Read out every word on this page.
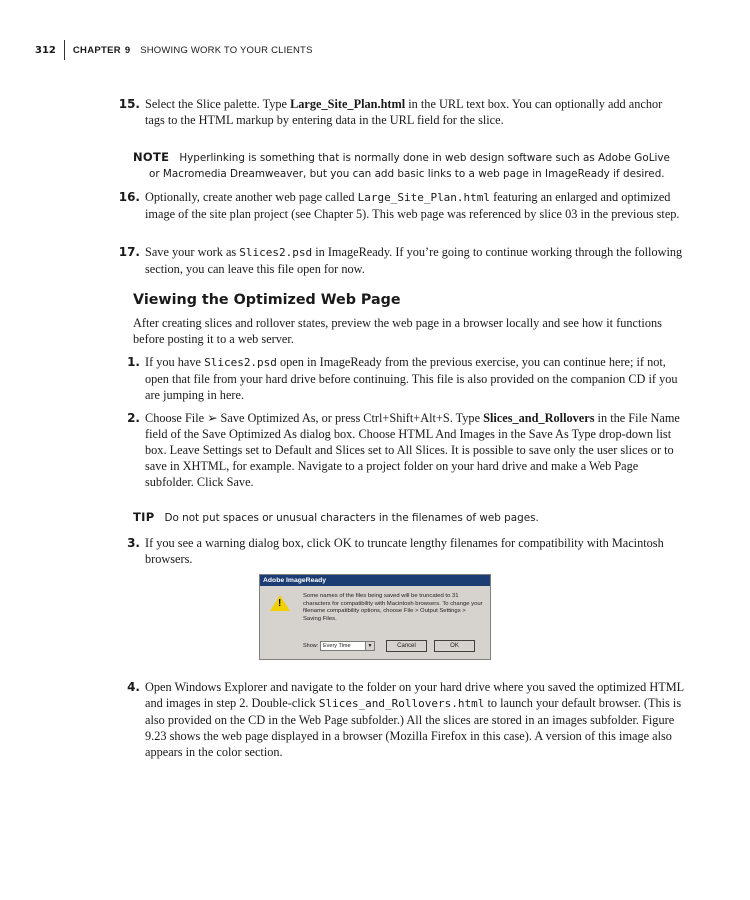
312 CHAPTER 9 SHOWING WORK TO YOUR CLIENTS
15. Select the Slice palette. Type Large_Site_Plan.html in the URL text box. You can optionally add anchor tags to the HTML markup by entering data in the URL field for the slice.
NOTE Hyperlinking is something that is normally done in web design software such as Adobe GoLive
or Macromedia Dreamweaver, but you can add basic links to a web page in ImageReady if desired.
16. Optionally, create another web page called Large_Site_Plan.html featuring an enlarged and optimized image of the site plan project (see Chapter 5). This web page was referenced by slice 03 in the previous step.
17. Save your work as Slices2.psd in ImageReady. If you’re going to continue working through the following section, you can leave this file open for now.
Viewing the Optimized Web Page
After creating slices and rollover states, preview the web page in a browser locally and see how it functions before posting it to a web server.
1. If you have Slices2.psd open in ImageReady from the previous exercise, you can continue here; if not, open that file from your hard drive before continuing. This file is also provided on the companion CD if you are jumping in here.
2. Choose File ➢ Save Optimized As, or press Ctrl+Shift+Alt+S. Type Slices_and_Rollovers in the File Name field of the Save Optimized As dialog box. Choose HTML And Images in the Save As Type drop-down list box. Leave Settings set to Default and Slices set to All Slices. It is possible to save only the user slices or to save in XHTML, for example. Navigate to a project folder on your hard drive and make a Web Page subfolder. Click Save.
TIP Do not put spaces or unusual characters in the filenames of web pages.
3. If you see a warning dialog box, click OK to truncate lengthy filenames for compatibility with Macintosh browsers.
Adobe ImageReady
!
Some names of the files being saved will be truncated to 31 characters for compatibility with Macintosh browsers. To change your filename compatibility options, choose File > Output Settings > Saving Files.
Show: Every Time	▼	Cancel	OK
4. Open Windows Explorer and navigate to the folder on your hard drive where you saved the optimized HTML and images in step 2. Double-click Slices_and_Rollovers.html to launch your default browser. (This is also provided on the CD in the Web Page subfolder.) All the slices are stored in an images subfolder. Figure 9.23 shows the web page displayed in a browser (Mozilla Firefox in this case). A version of this image also appears in the color section.
